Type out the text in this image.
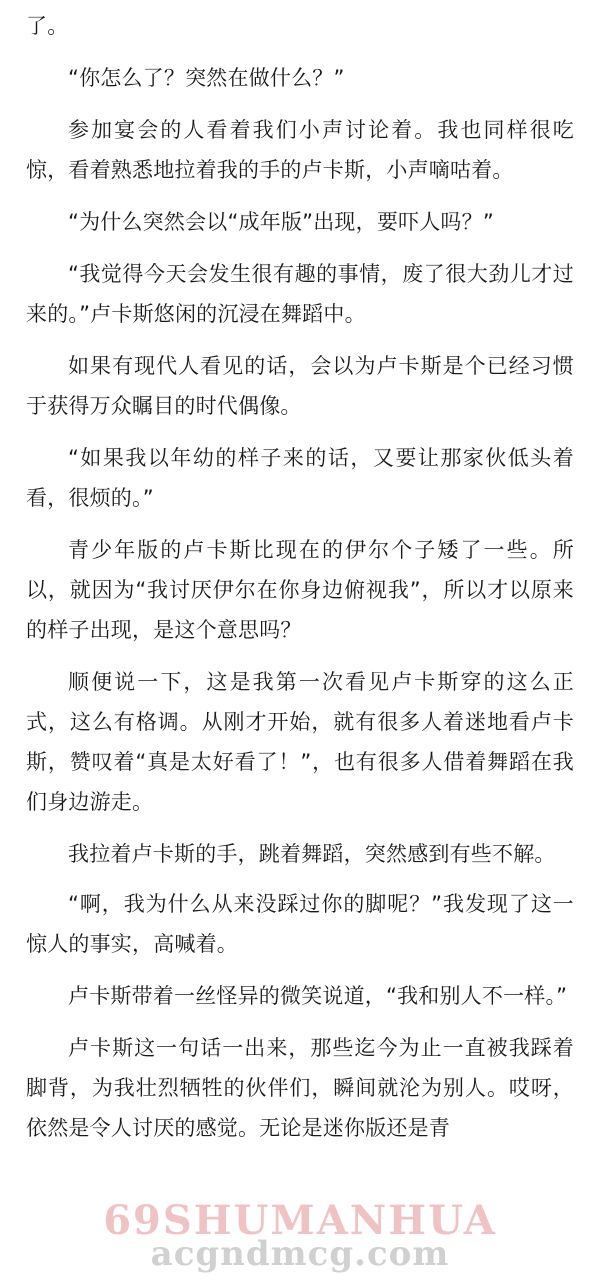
了。

“你怎么了？突然在做什么？”

参加宴会的人看着我们小声讨论着。我也同样很吃惊，看着熟悉地拉着我的手的卢卡斯，小声嘀咕着。

“为什么突然会以“成年版”出现，要吓人吗？”

“我觉得今天会发生很有趣的事情，废了很大劲儿才过来的。”卢卡斯悠闲的沉浸在舞蹈中。

如果有现代人看见的话，会以为卢卡斯是个已经习惯于获得万众瞩目的时代偶像。

“如果我以年幼的样子来的话，又要让那家伙低头着看，很烦的。”

青少年版的卢卡斯比现在的伊尔个子矮了一些。所以，就因为“我讨厌伊尔在你身边俯视我”，所以才以原来的样子出现，是这个意思吗？

顺便说一下，这是我第一次看见卢卡斯穿的这么正式，这么有格调。从刚才开始，就有很多人着迷地看卢卡斯，赞叹着“真是太好看了！”，也有很多人借着舞蹈在我们身边游走。

我拉着卢卡斯的手，跳着舞蹈，突然感到有些不解。

“啊，我为什么从来没踩过你的脚呢？”我发现了这一惊人的事实，高喊着。

卢卡斯带着一丝怪异的微笑说道，“我和别人不一样。”

卢卡斯这一句话一出来，那些迄今为止一直被我踩着脚背，为我壮烈牺牲的伙伴们，瞬间就沦为别人。哎呀，依然是令人讨厌的感觉。无论是迷你版还是青

69SHUMANHUA
acgndmcg.com
